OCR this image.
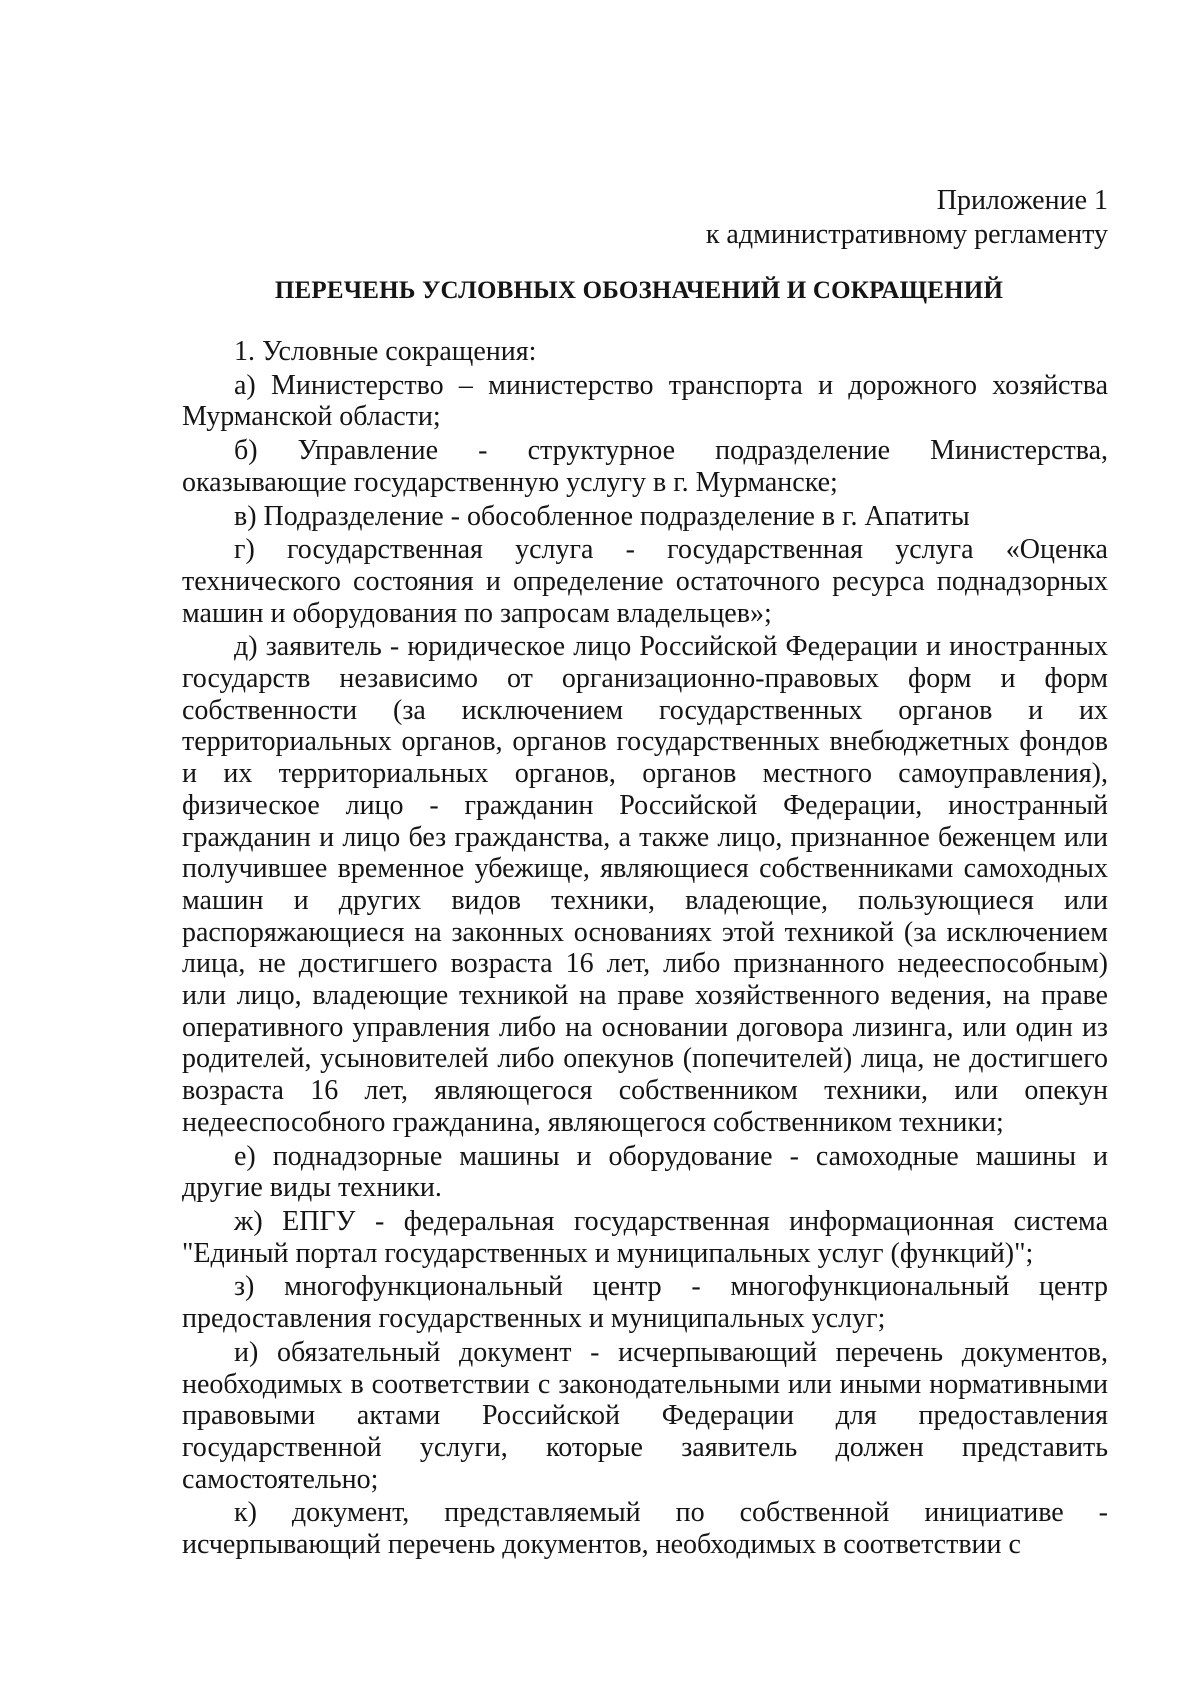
Приложение 1
к административному регламенту
ПЕРЕЧЕНЬ УСЛОВНЫХ ОБОЗНАЧЕНИЙ И СОКРАЩЕНИЙ

1. Условные сокращения:

а) Министерство – министерство транспорта и дорожного хозяйства Мурманской области;

б) Управление - структурное подразделение Министерства, оказывающие государственную услугу в г. Мурманске;

в) Подразделение - обособленное подразделение в г. Апатиты

г) государственная услуга - государственная услуга «Оценка технического состояния и определение остаточного ресурса поднадзорных машин и оборудования по запросам владельцев»;

д) заявитель - юридическое лицо Российской Федерации и иностранных государств независимо от организационно-правовых форм и форм собственности (за исключением государственных органов и их территориальных органов, органов государственных внебюджетных фондов и их территориальных органов, органов местного самоуправления), физическое лицо - гражданин Российской Федерации, иностранный гражданин и лицо без гражданства, а также лицо, признанное беженцем или получившее временное убежище, являющиеся собственниками самоходных машин и других видов техники, владеющие, пользующиеся или распоряжающиеся на законных основаниях этой техникой (за исключением лица, не достигшего возраста 16 лет, либо признанного недееспособным) или лицо, владеющие техникой на праве хозяйственного ведения, на праве оперативного управления либо на основании договора лизинга, или один из родителей, усыновителей либо опекунов (попечителей) лица, не достигшего возраста 16 лет, являющегося собственником техники, или опекун недееспособного гражданина, являющегося собственником техники;

е) поднадзорные машины и оборудование - самоходные машины и другие виды техники.

ж) ЕПГУ - федеральная государственная информационная система "Единый портал государственных и муниципальных услуг (функций)";

з) многофункциональный центр - многофункциональный центр предоставления государственных и муниципальных услуг;

и) обязательный документ - исчерпывающий перечень документов, необходимых в соответствии с законодательными или иными нормативными правовыми актами Российской Федерации для предоставления государственной услуги, которые заявитель должен представить самостоятельно;

к) документ, представляемый по собственной инициативе - исчерпывающий перечень документов, необходимых в соответствии с
